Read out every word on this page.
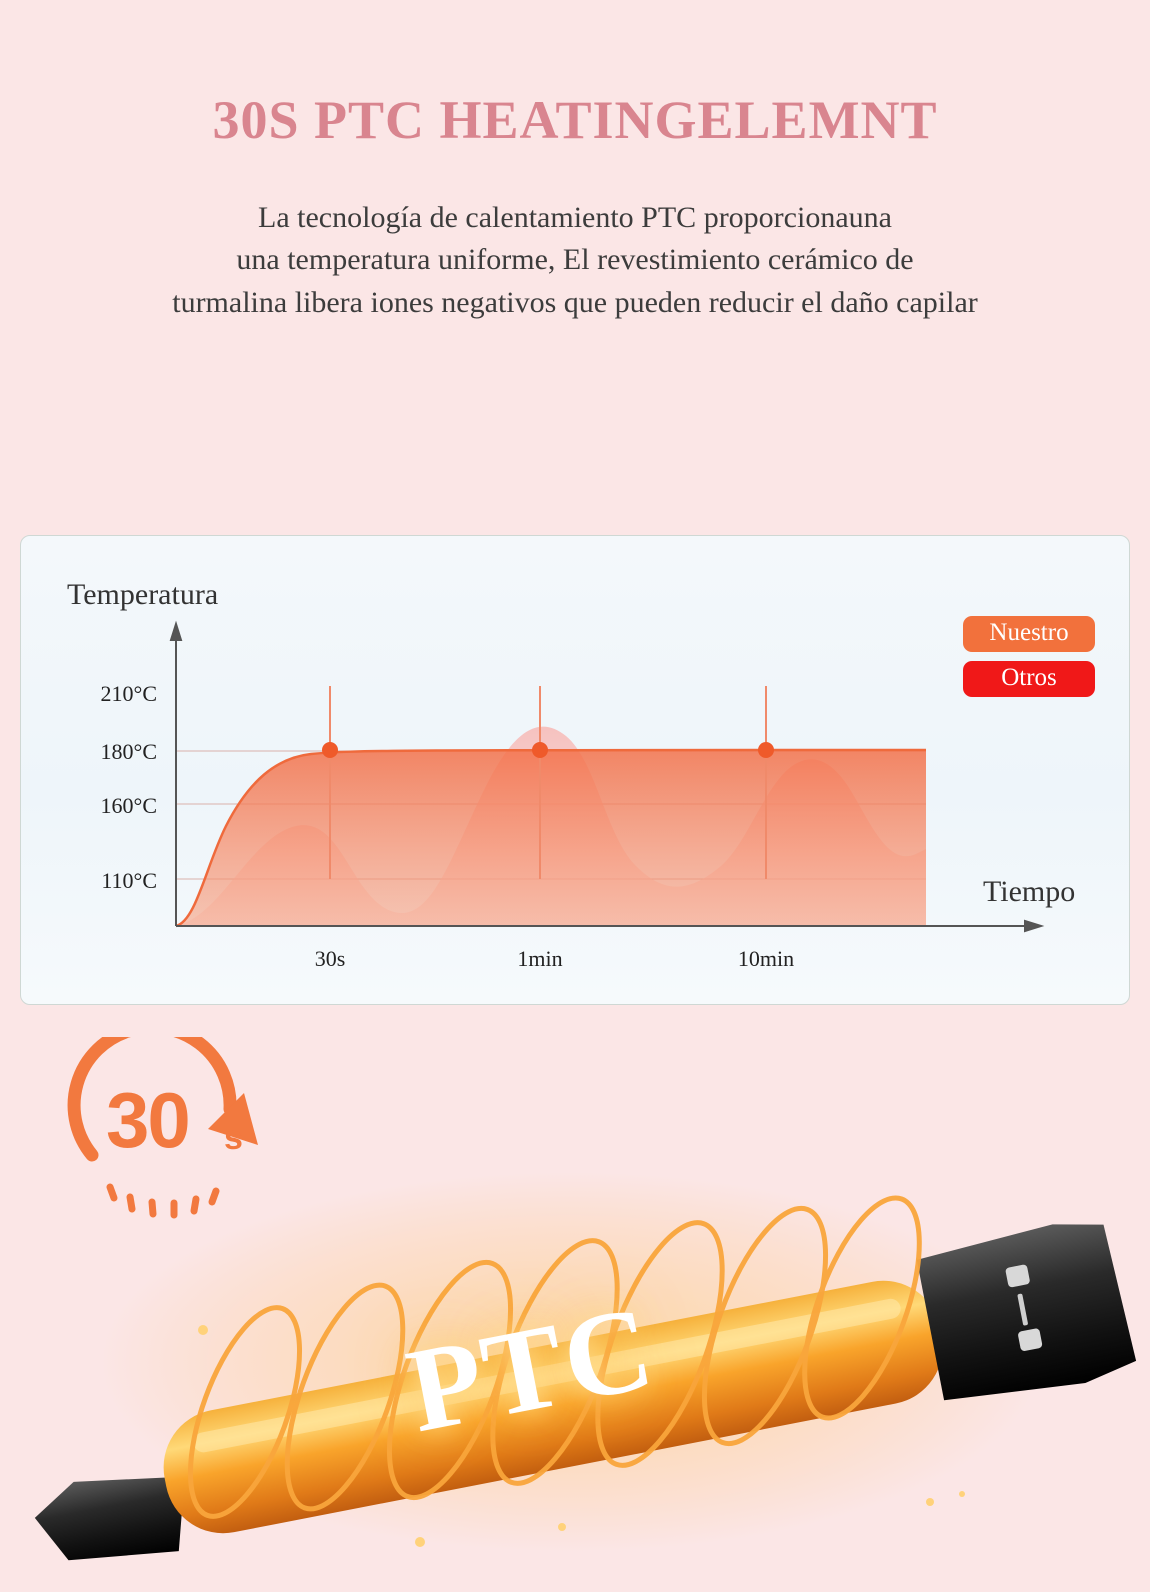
30S PTC HEATINGELEMNT
La tecnología de calentamiento PTC proporcionauna
una temperatura uniforme, El revestimiento cerámico de
turmalina libera iones negativos que pueden reducir el daño capilar
Temperatura
Tiempo
210°C
180°C
160°C
110°C
30s	1min	10min
Nuestro
Otros
30 s
PTC
